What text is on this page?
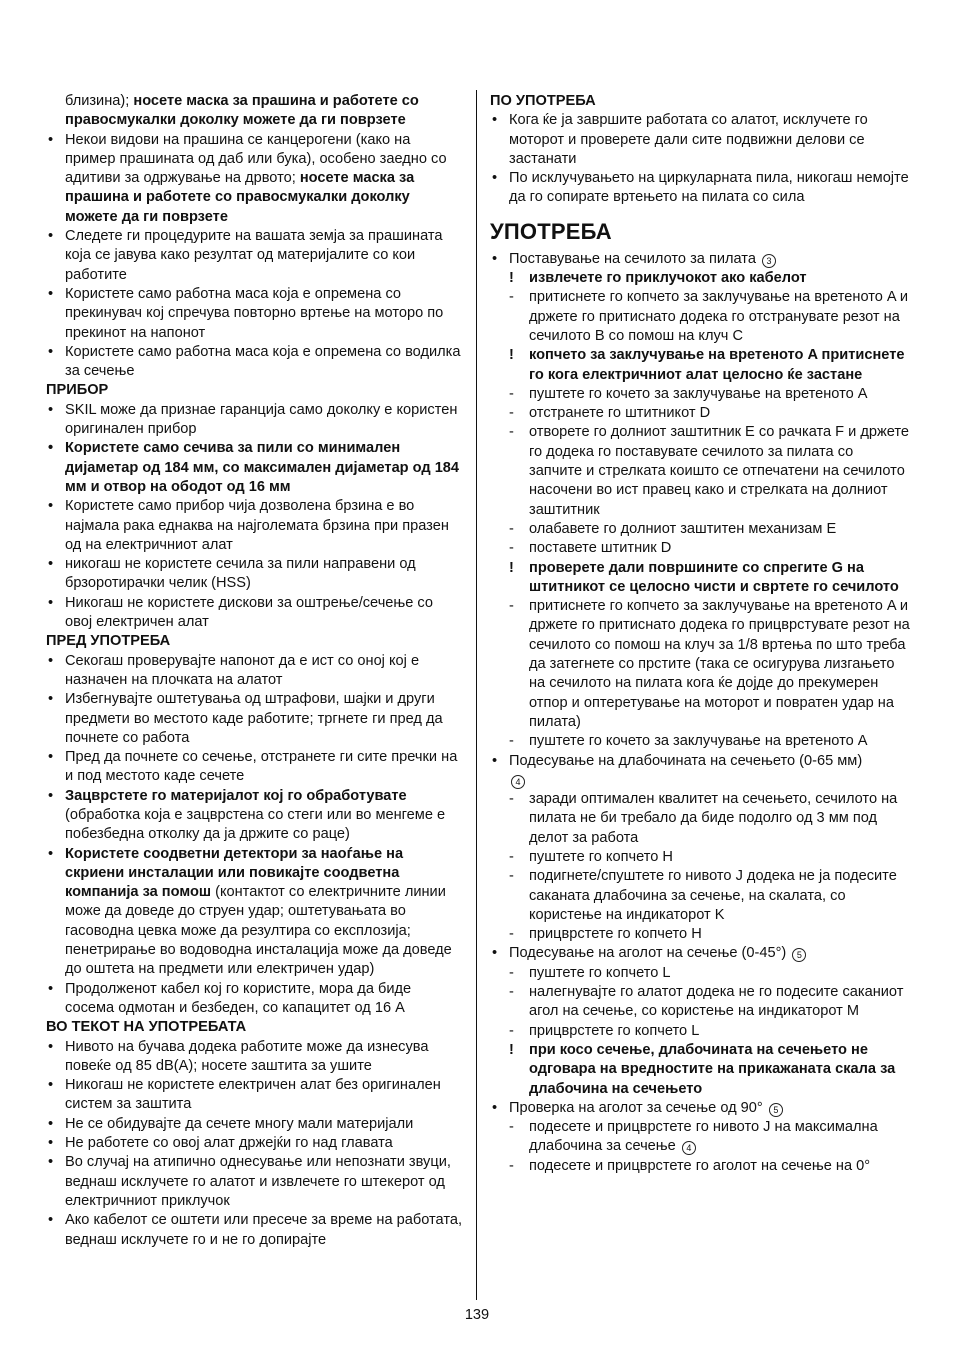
близина); носете маска за прашина и работете со правосмукалки доколку можете да ги поврзете

• Некои видови на прашина се канцерогени (како на пример прашината од даб или бука), особено заедно со адитиви за одржување на дрвото; носете маска за прашина и работете со правосмукалки доколку можете да ги поврзете

• Следете ги процедурите на вашата земја за прашината која се јавува како резултат од материјалите со кои работите

• Користете само работна маса која е опремена со прекинувач кој спречува повторно вртење на моторо по прекинот на напонот

• Користете само работна маса која е опремена со водилка за сечење

ПРИБОР

• SKIL може да признае гаранција само доколку е користен оригинален прибор

• Користете само сечива за пили со минимален дијаметар од 184 мм, со максимален дијаметар од 184 мм и отвор на ободот од 16 мм

• Користете само прибор чија дозволена брзина е во најмала рака еднаква на најголемата брзина при празен од на електричниот алат

• никогаш не користете сечила за пили направени од брзоротирачки челик (HSS)

• Никогаш не користете дискови за оштрење/сечење со овој електричен алат

ПРЕД УПОТРЕБА

• Секогаш проверувајте напонот да е ист со оној кој е назначен на плочката на алатот

• Избегнувајте оштетувања од штрафови, шајки и други предмети во местото каде работите; тргнете ги пред да почнете со работа

• Пред да почнете со сечење, отстранете ги сите пречки на и под местото каде сечете

• Зацврстете го материјалот кој го обработувате (обработка која е зацврстена со стеги или во менгеме е побезбедна отколку да ја држите со раце)

• Користете соодветни детектори за наоѓање на скриени инсталации или повикајте соодветна компанија за помош (контактот со електричните линии може да доведе до струен удар; оштетувањата во гасоводна цевка може да резултира со експлозија; пенетрирање во водоводна инсталација може да доведе до оштета на предмети или електричен удар)

• Продолженот кабел кој го користите, мора да биде сосема одмотан и безбеден, со капацитет од 16 A

ВО ТЕКОТ НА УПОТРЕБАТА

• Нивото на бучава додека работите може да изнесува повеќе од 85 dB(A); носете заштита за ушите

• Никогаш не користете електричен алат без оригинален систем за заштита

• Не се обидувајте да сечете многу мали материјали

• Не работете со овој алат држејќи го над главата

• Во случај на атипично однесување или непознати звуци, веднаш исклучете го алатот и извлечете го штекерот од електричниот приклучок

• Ако кабелот се оштети или пресече за време на работата, веднаш исклучете го и не го допирајте

ПО УПОТРЕБА

• Кога ќе ја завршите работата со алатот, исклучете го моторот и проверете дали сите подвижни делови се застанати

• По исклучувањето на циркуларната пила, никогаш немојте да го сопирате вртењето на пилата со сила

УПОТРЕБА

• Поставување на сечилото за пилата 3

! извлечете го приклучокот ако кабелот

- притиснете го копчето за заклучување на вретеното A и држете го притиснато додека го отстранувате резот на сечилото B со помош на клуч C

! копчето за заклучување на вретеното A притиснете го кога електричниот алат целосно ќе застане

- пуштете го кочето за заклучување на вретеното A

- отстранете го штитникот D

- отворете го долниот заштитник E со рачката F и држете го додека го поставувате сечилото за пилата со запчите и стрелката коишто се отпечатени на сечилото насочени во ист правец како и стрелката на долниот заштитник

- олабавете го долниот заштитен механизам E

- поставете штитник D

! проверете дали површините со спрегите G на штитникот се целосно чисти и свртете го сечилото

- притиснете го копчето за заклучување на вретеното A и држете го притиснато додека го прицврстувате резот на сечилото со помош на клуч за 1/8 вртења по што треба да затегнете со прстите (така се осигурува лизгањето на сечилото на пилата кога ќе дојде до прекумерен отпор и оптеретување на моторот и повратен удар на пилата)

- пуштете го кочето за заклучување на вретеното A

• Подесување на длабочината на сечењето (0-65 мм)
4

- заради оптимален квалитет на сечењето, сечилото на пилата не би требало да биде подолго од 3 мм под делот за работа

- пуштете го копчето H

- подигнете/спуштете го нивото J додека не ја подесите саканата длабочина за сечење, на скалата, со користење на индикаторот K

- прицврстете го копчето H

• Подесување на аголот на сечење (0-45°) 5

- пуштете го копчето L

- налегнувајте го алатот додека не го подесите саканиот агол на сечење, со користење на индикаторот M

- прицврстете го копчето L

! при косо сечење, длабочината на сечењето не одговара на вредностите на прикажаната скала за длабочина на сечењето

• Проверка на аголот за сечење од 90° 5

- подесете и прицврстете го нивото J на максимална длабочина за сечење 4

- подесете и прицврстете го аголот на сечење на 0°

139
